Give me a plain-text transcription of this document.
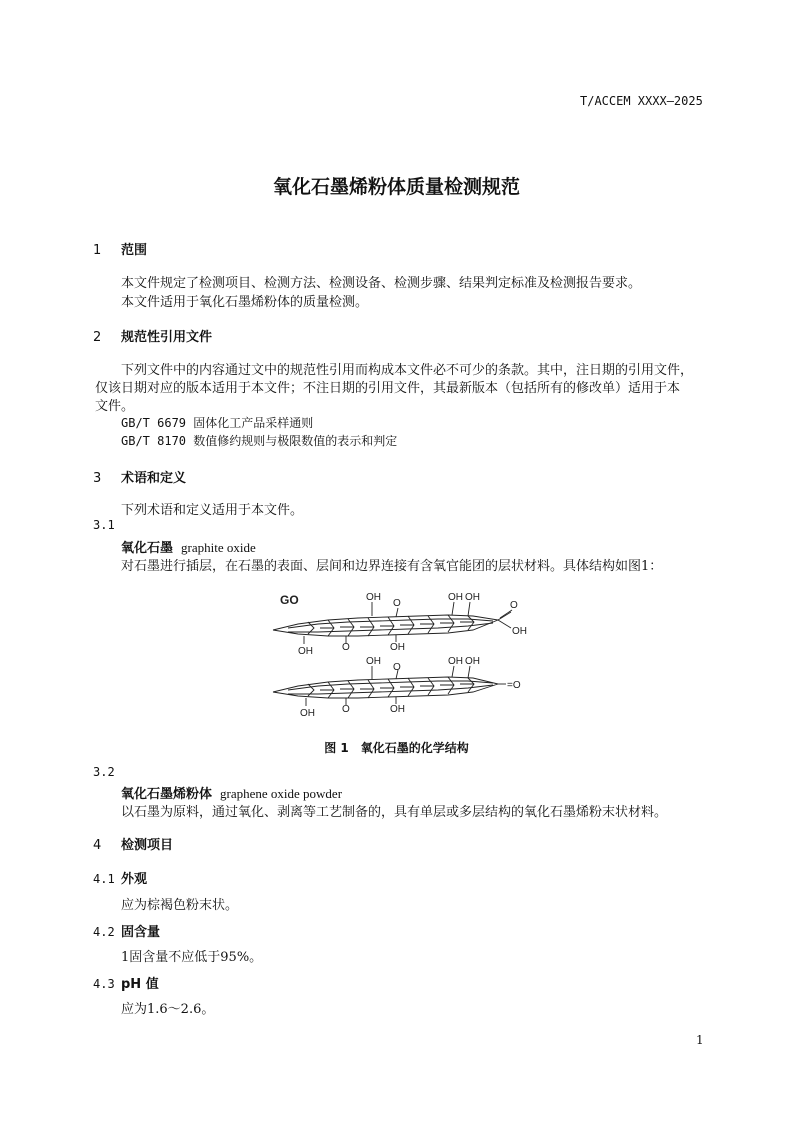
T/ACCEM XXXX—2025
氧化石墨烯粉体质量检测规范
1 范围
本文件规定了检测项目、检测方法、检测设备、检测步骤、结果判定标准及检测报告要求。
本文件适用于氧化石墨烯粉体的质量检测。
2 规范性引用文件
下列文件中的内容通过文中的规范性引用而构成本文件必不可少的条款。其中，注日期的引用文件，
仅该日期对应的版本适用于本文件；不注日期的引用文件，其最新版本（包括所有的修改单）适用于本
文件。
GB/T 6679 固体化工产品采样通则
GB/T 8170 数值修约规则与极限数值的表示和判定
3 术语和定义
下列术语和定义适用于本文件。
3.1
氧化石墨 graphite oxide
对石墨进行插层，在石墨的表面、层间和边界连接有含氧官能团的层状材料。具体结构如图1：
GO	OH
O
OH OH
O
OH
OH	O	OH
OH
O
OH OH
=O
OH	O	OH
图 1　氧化石墨的化学结构
3.2
氧化石墨烯粉体 graphene oxide powder
以石墨为原料，通过氧化、剥离等工艺制备的，具有单层或多层结构的氧化石墨烯粉末状材料。
4 检测项目
4.1 外观
应为棕褐色粉末状。
4.2 固含量
1固含量不应低于95%。
4.3 pH 值
应为1.6～2.6。
1
